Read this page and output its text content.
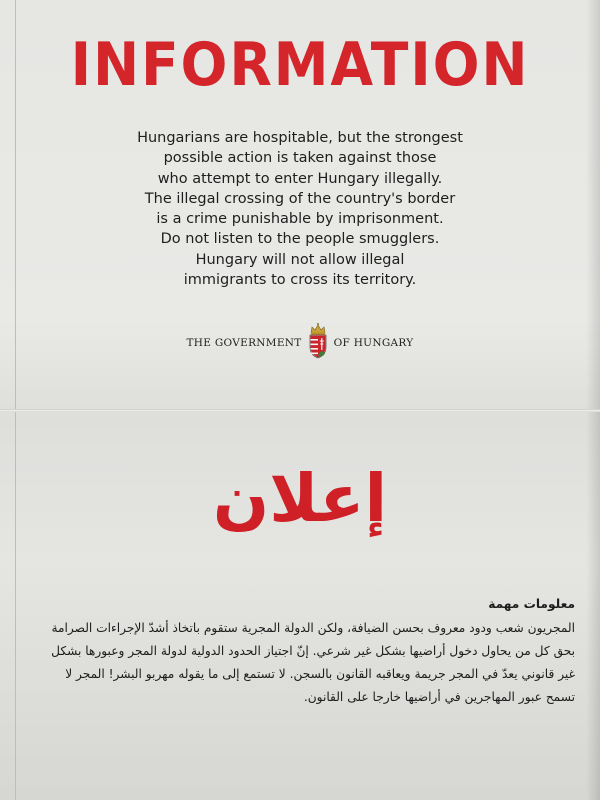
INFORMATION
Hungarians are hospitable, but the strongest
possible action is taken against those
who attempt to enter Hungary illegally.
The illegal crossing of the country's border
is a crime punishable by imprisonment.
Do not listen to the people smugglers.
Hungary will not allow illegal
immigrants to cross its territory.
THE GOVERNMENT	OF HUNGARY
إعلان
معلومات مهمة
المجريون شعب ودود معروف بحسن الضيافة، ولكن الدولة المجرية ستقوم باتخاذ أشدّ الإجراءات الصرامة
بحق كل من يحاول دخول أراضيها بشكل غير شرعي. إنّ اجتياز الحدود الدولية لدولة المجر وعبورها بشكل
غير قانوني يعدّ في المجر جريمة ويعاقبه القانون بالسجن. لا تستمع إلى ما يقوله مهربو البشر! المجر لا
تسمح عبور المهاجرين في أراضيها خارجا على القانون.
